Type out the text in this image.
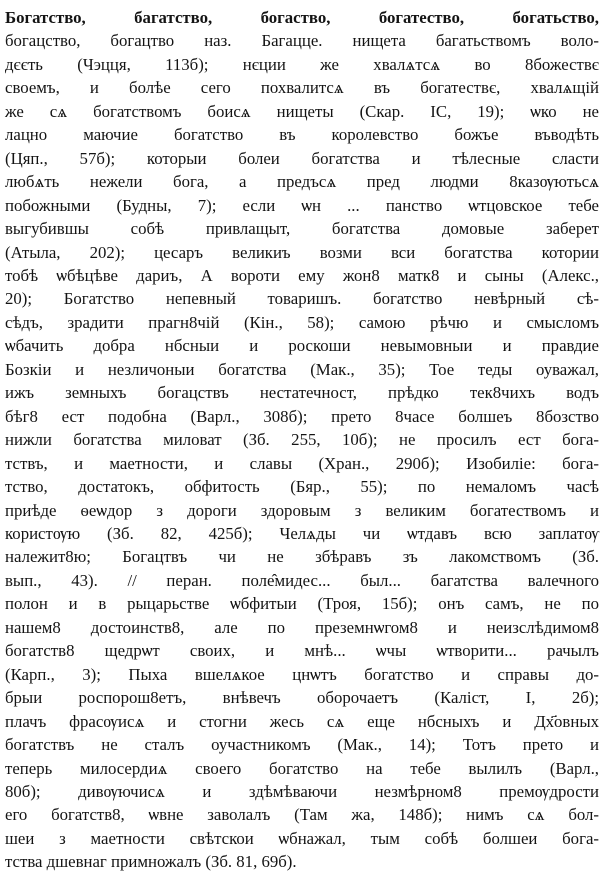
Богатство, багатство, богаство, богатество, богатьство,
богацство, богацтво наз. Багацце. нищета багатьствомъ воло-
дєєть (Чэцця, 113б); нєции же хвалѧтсѧ во 8божествє
своемъ, и болѣе сего похвалитсѧ въ богатествє, хвалѧщій
же сѧ богатствомъ боисѧ нищеты (Скар. IC, 19); ѡко не
лацно маючие богатство въ королевство божъе въводѣть
(Цяп., 57б); которыи болеи богатства и тѣлесные сласти
любѧть нежели бога, а предъсѧ пред людми 8казѹютьсѧ
побожными (Будны, 7); если ѡн ... панство ѡтцовское тебе
выгубившы собѣ привлащыт, богатства домовые заберет
(Атыла, 202); цесаръ великиъ возми вси богатства котории
тобѣ ѡбѣцѣве дариъ, А вороти ему жон8 матк8 и сыны (Алекс.,
20); Богатство непевный товаришъ. богатство невѣрный сѣ-
сѣдъ, зрадити прагн8чій (Кін., 58); самою рѣчю и смысломъ
ѡбачить добра нбсныи и роскоши невымовныи и правдиe
Бозкіи и незличоныи богатства (Мак., 35); Тое теды оуважал,
ижъ земныхъ богацствъ нестатечност, прѣдко тек8чихъ водъ
бѣг8 ест подобна (Варл., 308б); прето 8часе болшеъ 8бозство
нижли богатства миловат (Зб. 255, 10б); не просилъ ест бога-
тствъ, и маетности, и славы (Хран., 290б); Изобиліе: бога-
тство, достатокъ, обфитость (Бяр., 55); по немаломъ часѣ
приѣде ѳеѡдор з дороги здоровым з великим богатествомъ и
користѹю (Зб. 82, 425б); Челѧды чи ѡтдавъ всю заплатѹ
належит8ю; Богацтвъ чи не збѣравъ зъ лакомствомъ (Зб.
вып., 43). // перан. поле̂мидес... был... багатства валечного
полон и в рыцарьстве ѡбфитыи (Троя, 15б); онъ самъ, не по
нашем8 достоинств8, але по преземнѡгом8 и неизслѣдимом8
богатств8 щедрѡт своих, и мнѣ... ѡчы ѡтворити... рачылъ
(Карп., 3); Пыха вшелѧкое цнѡтъ богатство и справы до-
брыи роспорош8етъ, внѣвечъ оборочаетъ (Калiст, I, 2б);
плачъ фрасѹисѧ и стогни жесь сѧ еще нбсныхъ и Дх҃овных
богатствъ не сталъ оучастникомъ (Мак., 14); Тотъ прето и
теперь милосердиѧ своего богатство на тебе вылилъ (Варл.,
80б); дивѹючисѧ и здѣмѣваючи незмѣрном8 премѹдрости
его богатств8, ѡвне заволалъ (Там жа, 148б); нимъ сѧ бол-
шеи з маетности свѣтскои ѡбнажал, тым собѣ болшеи бога-
тства дшевнаг примножалъ (Зб. 81, 69б).
